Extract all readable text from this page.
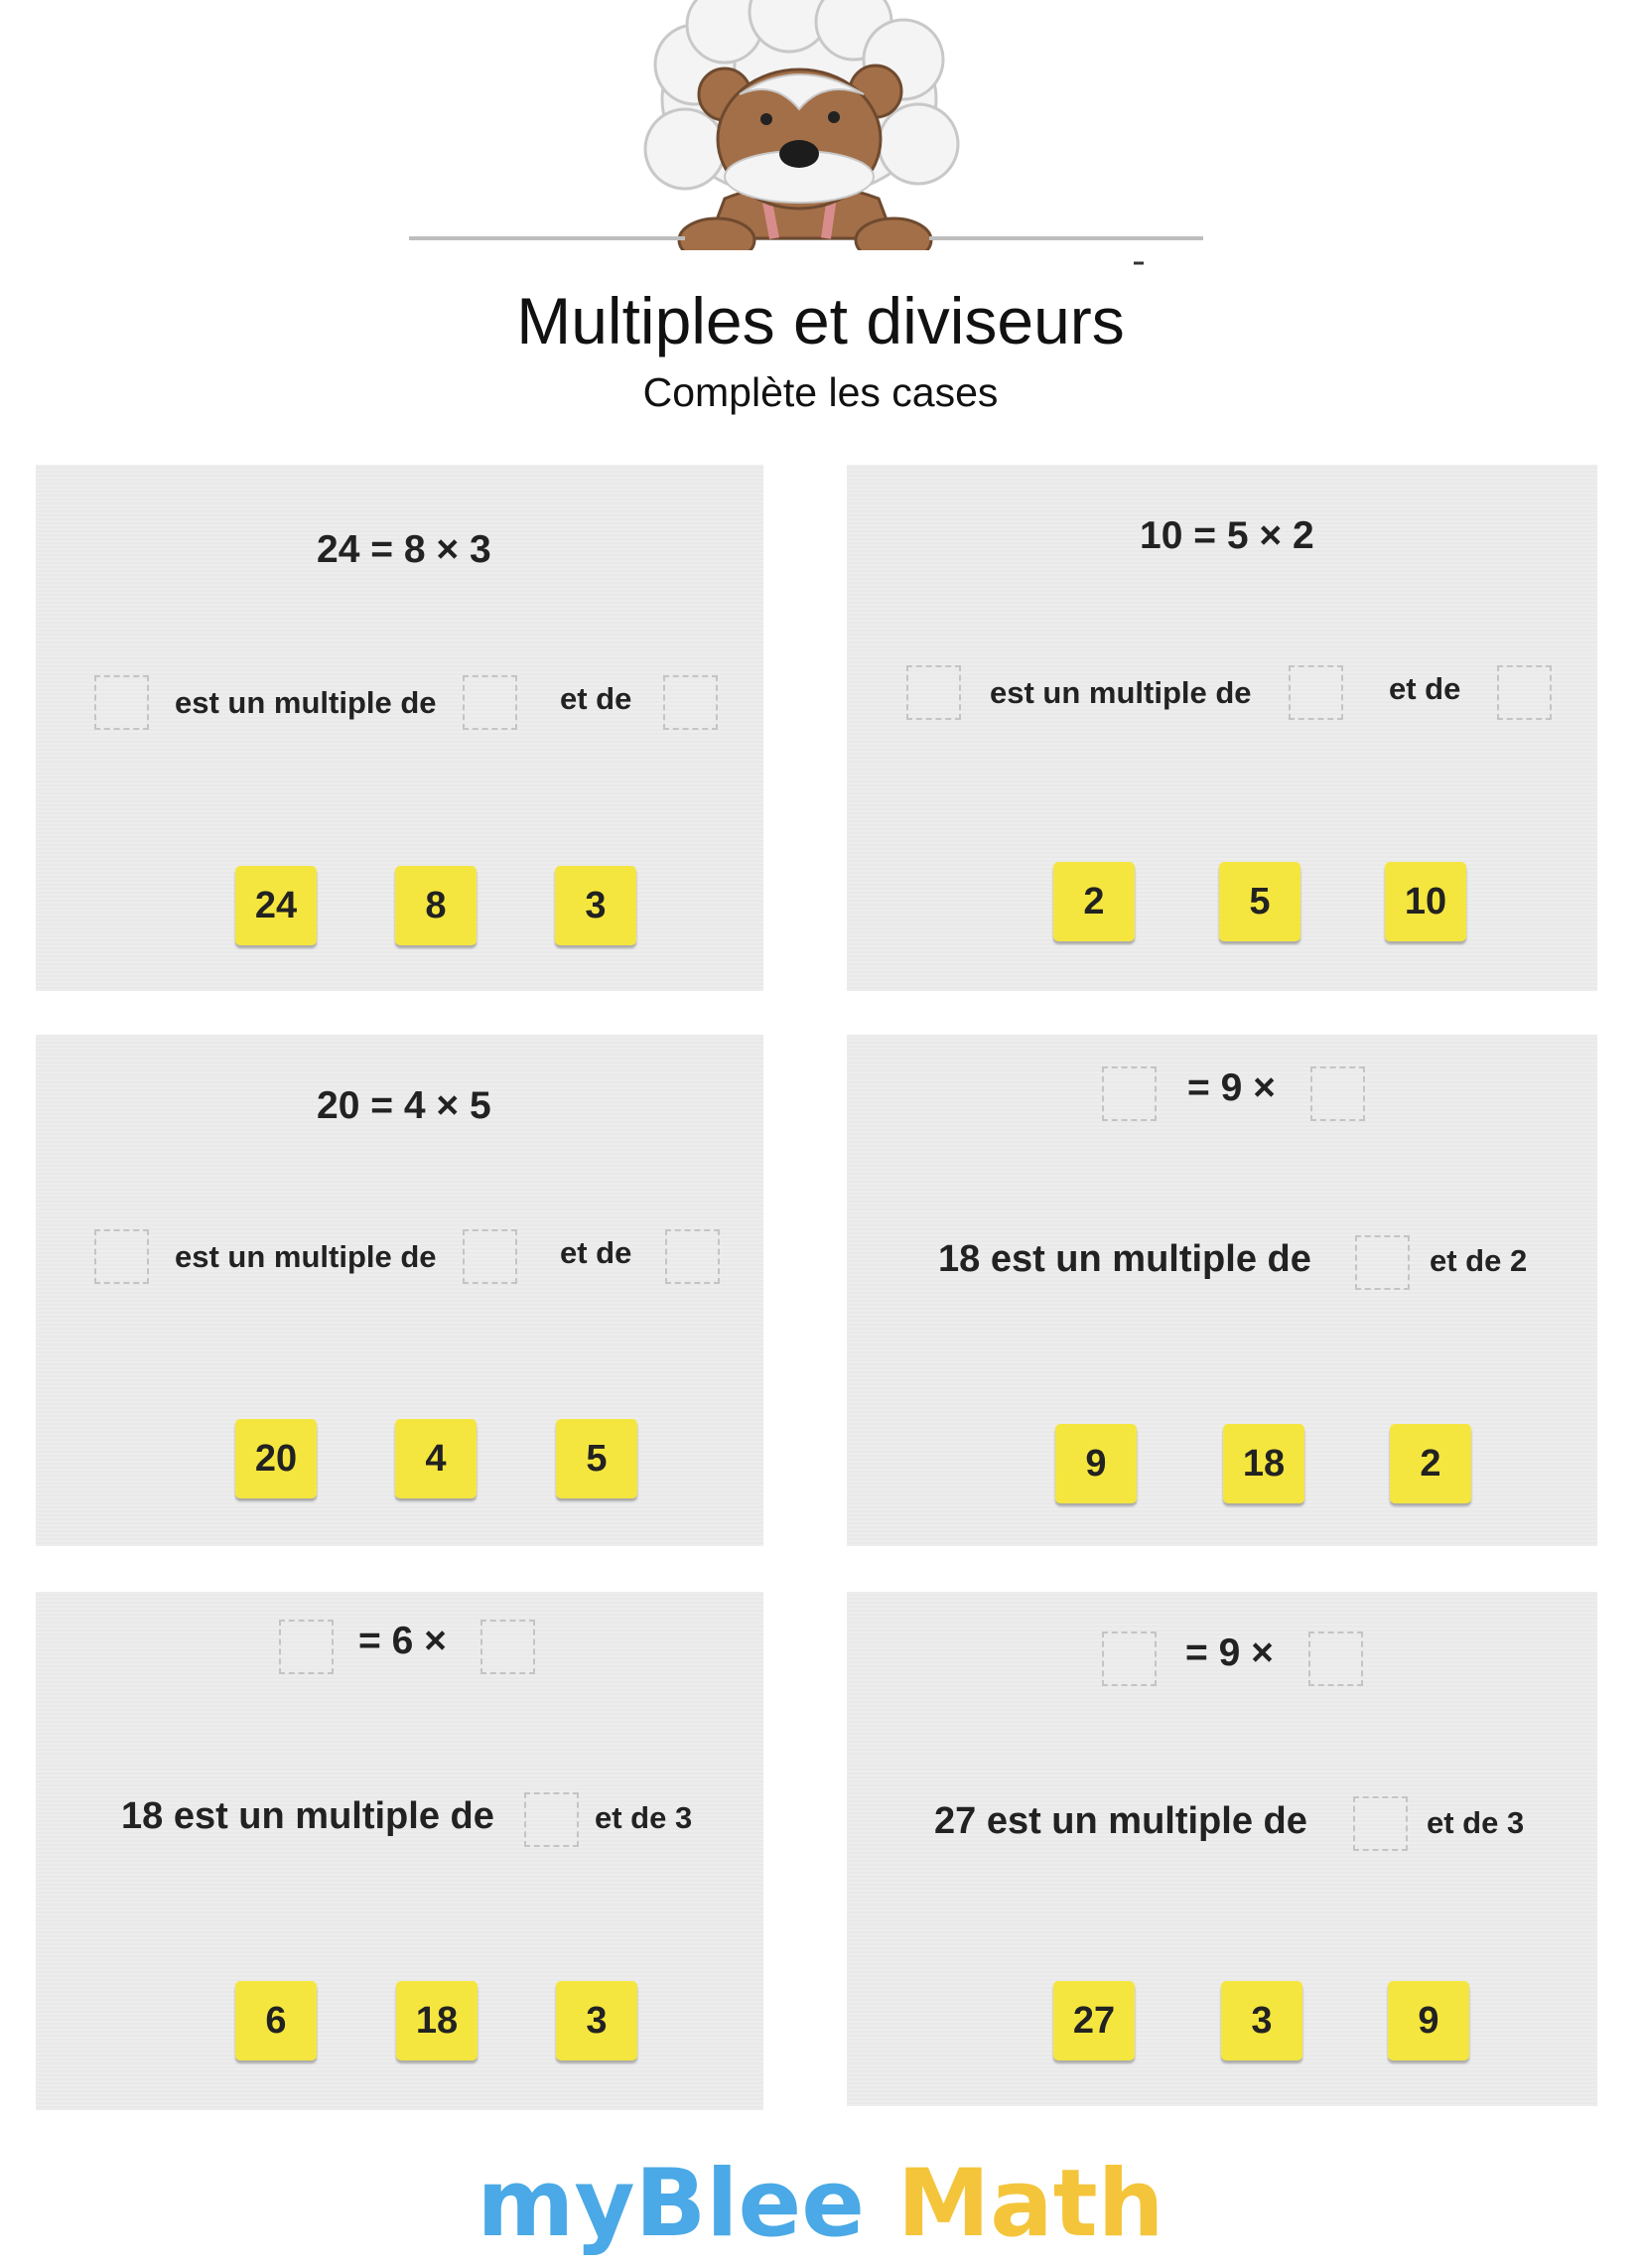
Multiples et diviseurs
Complète les cases
24 = 8 × 3
est un multiple de	et de
24	8	3
10 = 5 × 2
est un multiple de	et de
2	5	10
20 = 4 × 5
est un multiple de	et de
20	4	5
= 9 ×
18 est un multiple de	et de 2
9	18	2
= 6 ×
18 est un multiple de	et de 3
6	18	3
= 9 ×
27 est un multiple de	et de 3
27	3	9
myBlee Math
